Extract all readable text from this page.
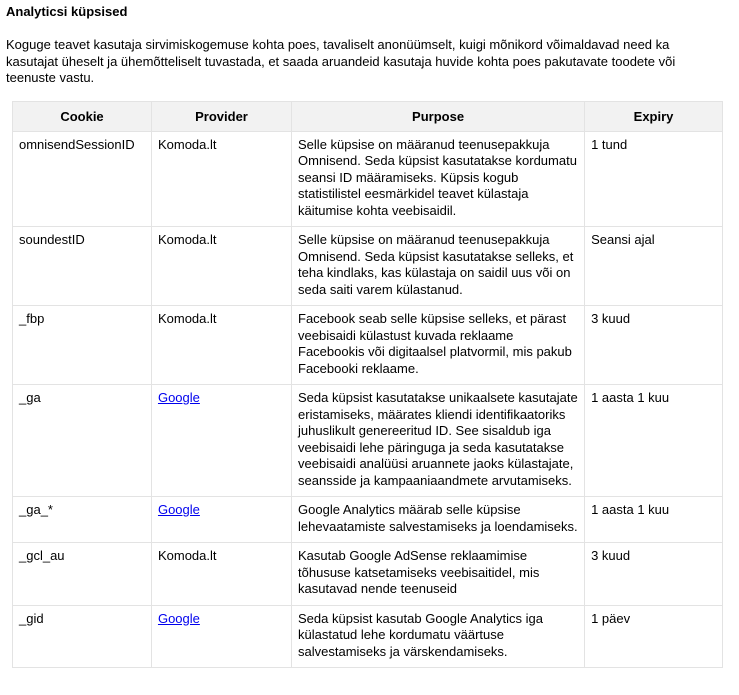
Analyticsi küpsised

Koguge teavet kasutaja sirvimiskogemuse kohta poes, tavaliselt anonüümselt, kuigi mõnikord võimaldavad need ka kasutajat üheselt ja ühemõtteliselt tuvastada, et saada aruandeid kasutaja huvide kohta poes pakutavate toodete või teenuste vastu.

Cookie	Provider	Purpose	Expiry
omnisendSessionID	Komoda.lt	Selle küpsise on määranud teenusepakkuja Omnisend. Seda küpsist kasutatakse kordumatu seansi ID määramiseks. Küpsis kogub statistilistel eesmärkidel teavet külastaja käitumise kohta veebisaidil.	1 tund
soundestID	Komoda.lt	Selle küpsise on määranud teenusepakkuja Omnisend. Seda küpsist kasutatakse selleks, et teha kindlaks, kas külastaja on saidil uus või on seda saiti varem külastanud.	Seansi ajal
_fbp	Komoda.lt	Facebook seab selle küpsise selleks, et pärast veebisaidi külastust kuvada reklaame Facebookis või digitaalsel platvormil, mis pakub Facebooki reklaame.	3 kuud
_ga	Google	Seda küpsist kasutatakse unikaalsete kasutajate eristamiseks, määrates kliendi identifikaatoriks juhuslikult genereeritud ID. See sisaldub iga veebisaidi lehe päringuga ja seda kasutatakse veebisaidi analüüsi aruannete jaoks külastajate, seansside ja kampaaniaandmete arvutamiseks.	1 aasta 1 kuu
_ga_*	Google	Google Analytics määrab selle küpsise lehevaatamiste salvestamiseks ja loendamiseks.	1 aasta 1 kuu
_gcl_au	Komoda.lt	Kasutab Google AdSense reklaamimise tõhususe katsetamiseks veebisaitidel, mis kasutavad nende teenuseid	3 kuud
_gid	Google	Seda küpsist kasutab Google Analytics iga külastatud lehe kordumatu väärtuse salvestamiseks ja värskendamiseks.	1 päev
